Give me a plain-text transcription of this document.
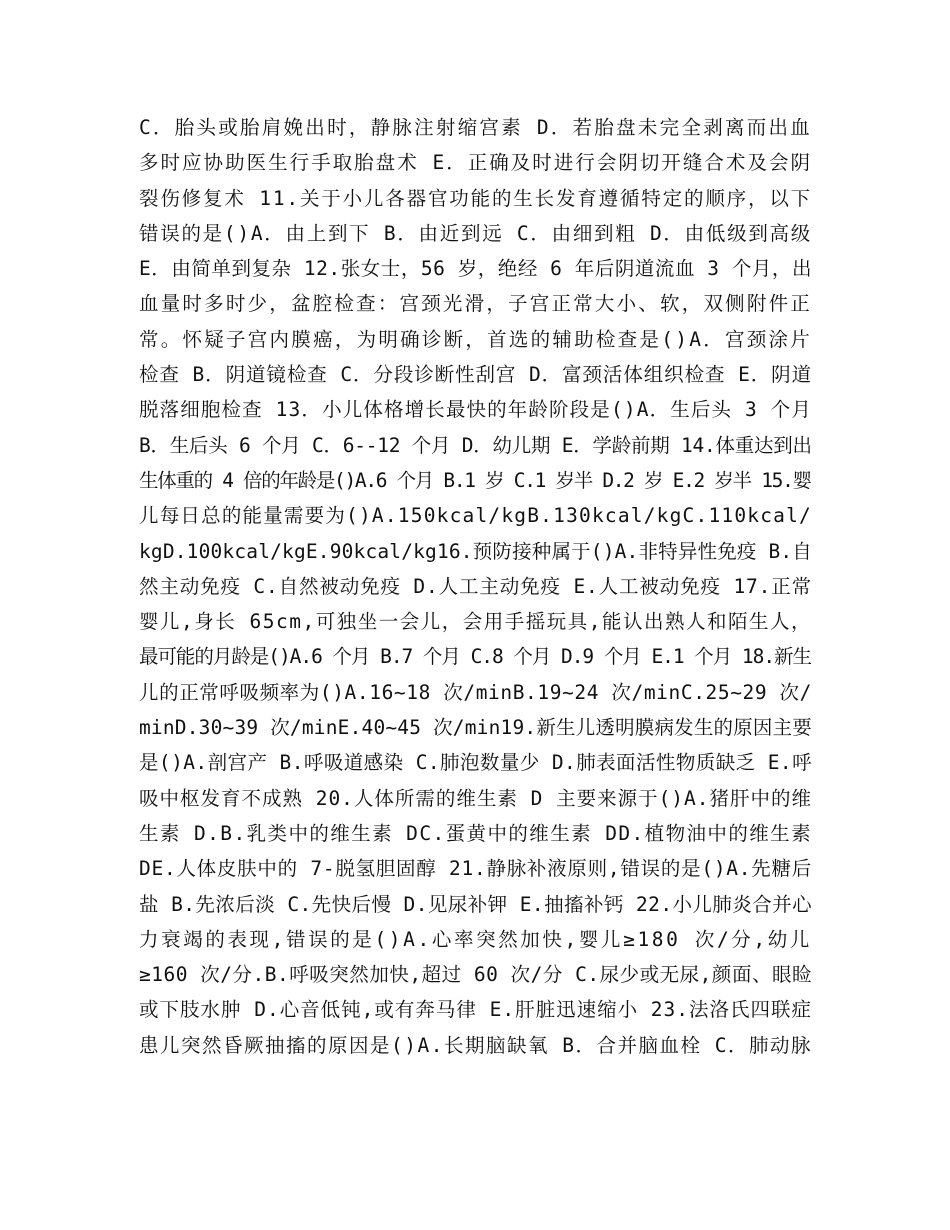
C．胎头或胎肩娩出时，静脉注射缩宫素 D．若胎盘未完全剥离而出血
多时应协助医生行手取胎盘术 E．正确及时进行会阴切开缝合术及会阴
裂伤修复术 11.关于小儿各器官功能的生长发育遵循特定的顺序，以下
错误的是()A．由上到下 B．由近到远 C．由细到粗 D．由低级到高级
E．由简单到复杂 12.张女士，56 岁，绝经 6 年后阴道流血 3 个月，出
血量时多时少，盆腔检查：宫颈光滑，子宫正常大小、软，双侧附件正
常。怀疑子宫内膜癌，为明确诊断，首选的辅助检查是()A．宫颈涂片
检查 B．阴道镜检查 C．分段诊断性刮宫 D．富颈活体组织检查 E．阴道
脱落细胞检查 13．小儿体格增长最快的年龄阶段是()A．生后头 3 个月
B．生后头 6 个月 C．6--12 个月 D．幼儿期 E．学龄前期 14.体重达到出
生体重的 4 倍的年龄是()A.6 个月 B.1 岁 C.1 岁半 D.2 岁 E.2 岁半 15.婴
儿每日总的能量需要为()A.150kcal/kgB.130kcal/kgC.110kcal/
kgD.100kcal/kgE.90kcal/kg16.预防接种属于()A.非特异性免疫 B.自
然主动免疫 C.自然被动免疫 D.人工主动免疫 E.人工被动免疫 17.正常
婴儿,身长 65cm,可独坐一会儿，会用手摇玩具,能认出熟人和陌生人，
最可能的月龄是()A.6 个月 B.7 个月 C.8 个月 D.9 个月 E.1 个月 18.新生
儿的正常呼吸频率为()A.16~18 次/minB.19~24 次/minC.25~29 次/
minD.30~39 次/minE.40~45 次/min19.新生儿透明膜病发生的原因主要
是()A.剖宫产 B.呼吸道感染 C.肺泡数量少 D.肺表面活性物质缺乏 E.呼
吸中枢发育不成熟 20.人体所需的维生素 D 主要来源于()A.猪肝中的维
生素 D.B.乳类中的维生素 DC.蛋黄中的维生素 DD.植物油中的维生素
DE.人体皮肤中的 7-脱氢胆固醇 21.静脉补液原则,错误的是()A.先糖后
盐 B.先浓后淡 C.先快后慢 D.见尿补钾 E.抽搐补钙 22.小儿肺炎合并心
力衰竭的表现,错误的是()A.心率突然加快,婴儿≥180 次/分,幼儿
≥160 次/分.B.呼吸突然加快,超过 60 次/分 C.尿少或无尿,颜面、眼睑
或下肢水肿 D.心音低钝,或有奔马律 E.肝脏迅速缩小 23.法洛氏四联症
患儿突然昏厥抽搐的原因是()A.长期脑缺氧 B．合并脑血栓 C．肺动脉
